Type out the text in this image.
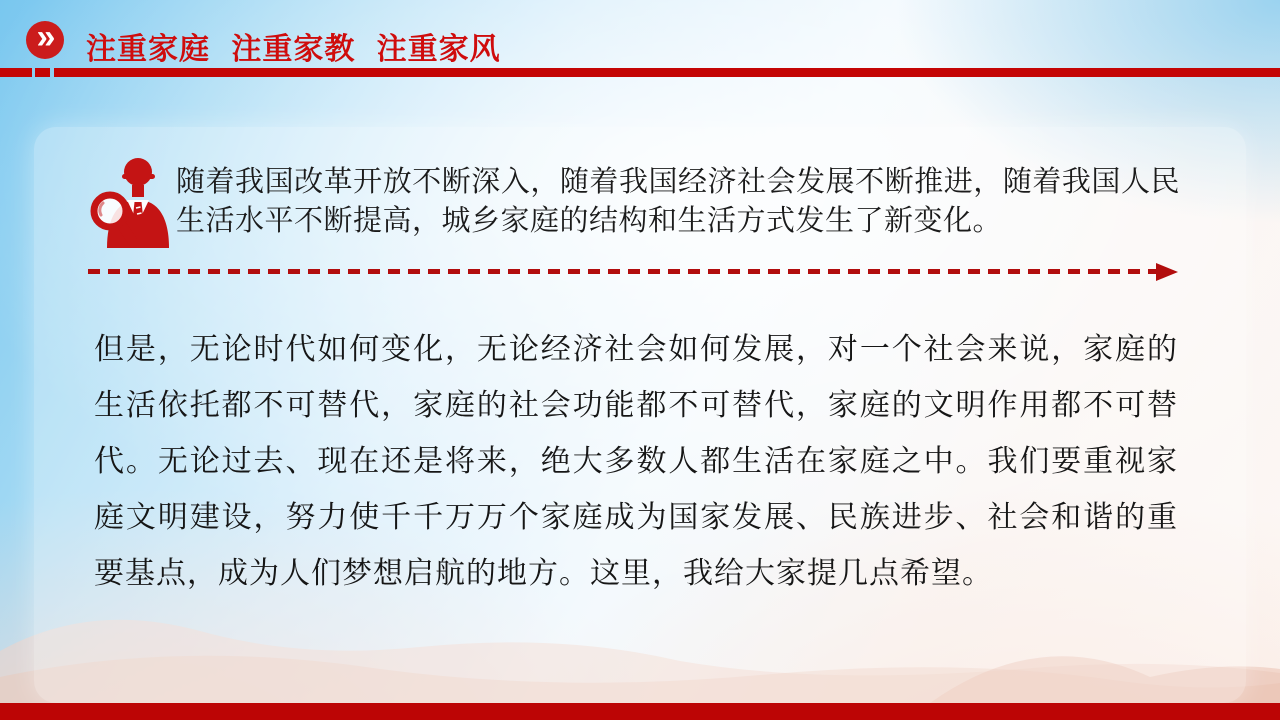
» 注重家庭 注重家教 注重家风

随着我国改革开放不断深入，随着我国经济社会发展不断推进，随着我国人民生活水平不断提高，城乡家庭的结构和生活方式发生了新变化。

但是，无论时代如何变化，无论经济社会如何发展，对一个社会来说，家庭的生活依托都不可替代，家庭的社会功能都不可替代，家庭的文明作用都不可替代。无论过去、现在还是将来，绝大多数人都生活在家庭之中。我们要重视家庭文明建设，努力使千千万万个家庭成为国家发展、民族进步、社会和谐的重要基点，成为人们梦想启航的地方。这里，我给大家提几点希望。
